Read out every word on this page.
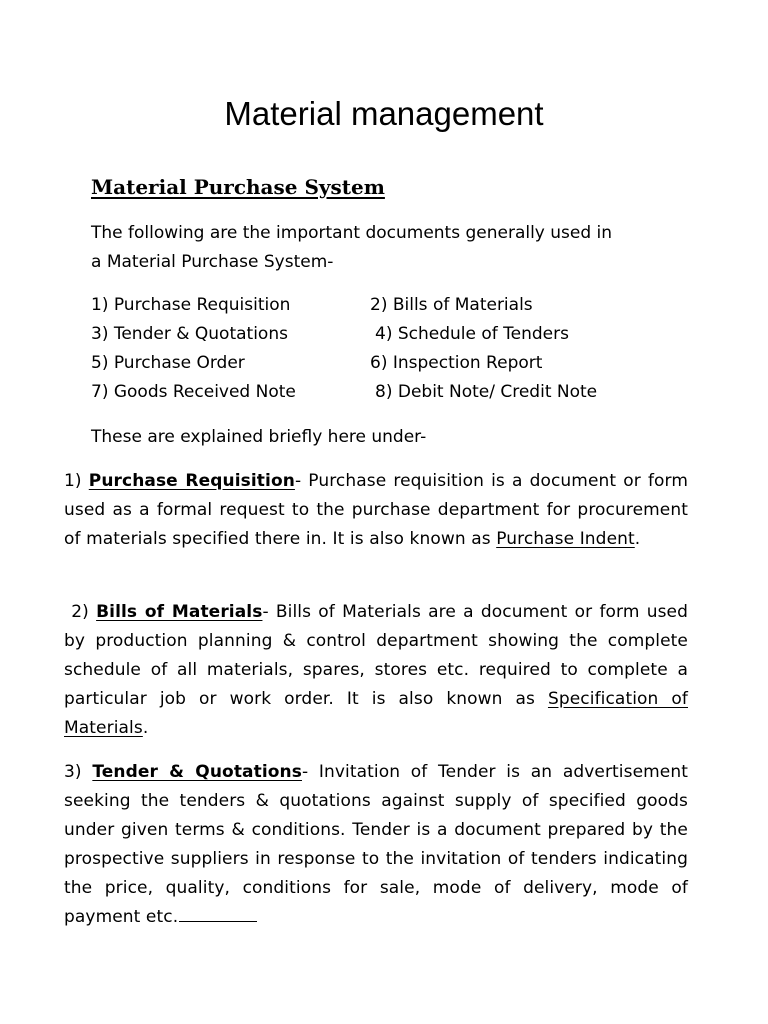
Material management
Material Purchase System
The following are the important documents generally used in
a Material Purchase System-
1) Purchase Requisition	2) Bills of Materials
3) Tender & Quotations	4) Schedule of Tenders
5) Purchase Order	6) Inspection Report
7) Goods Received Note	8) Debit Note/ Credit Note
These are explained briefly here under-
1) Purchase Requisition- Purchase requisition is a document or form used as a formal request to the purchase department for procurement of materials specified there in. It is also known as Purchase Indent.
2) Bills of Materials- Bills of Materials are a document or form used by production planning & control department showing the complete schedule of all materials, spares, stores etc. required to complete a particular job or work order. It is also known as Specification of Materials.
3) Tender & Quotations- Invitation of Tender is an advertisement seeking the tenders & quotations against supply of specified goods under given terms & conditions. Tender is a document prepared by the prospective suppliers in response to the invitation of tenders indicating the price, quality, conditions for sale, mode of delivery, mode of payment etc.
